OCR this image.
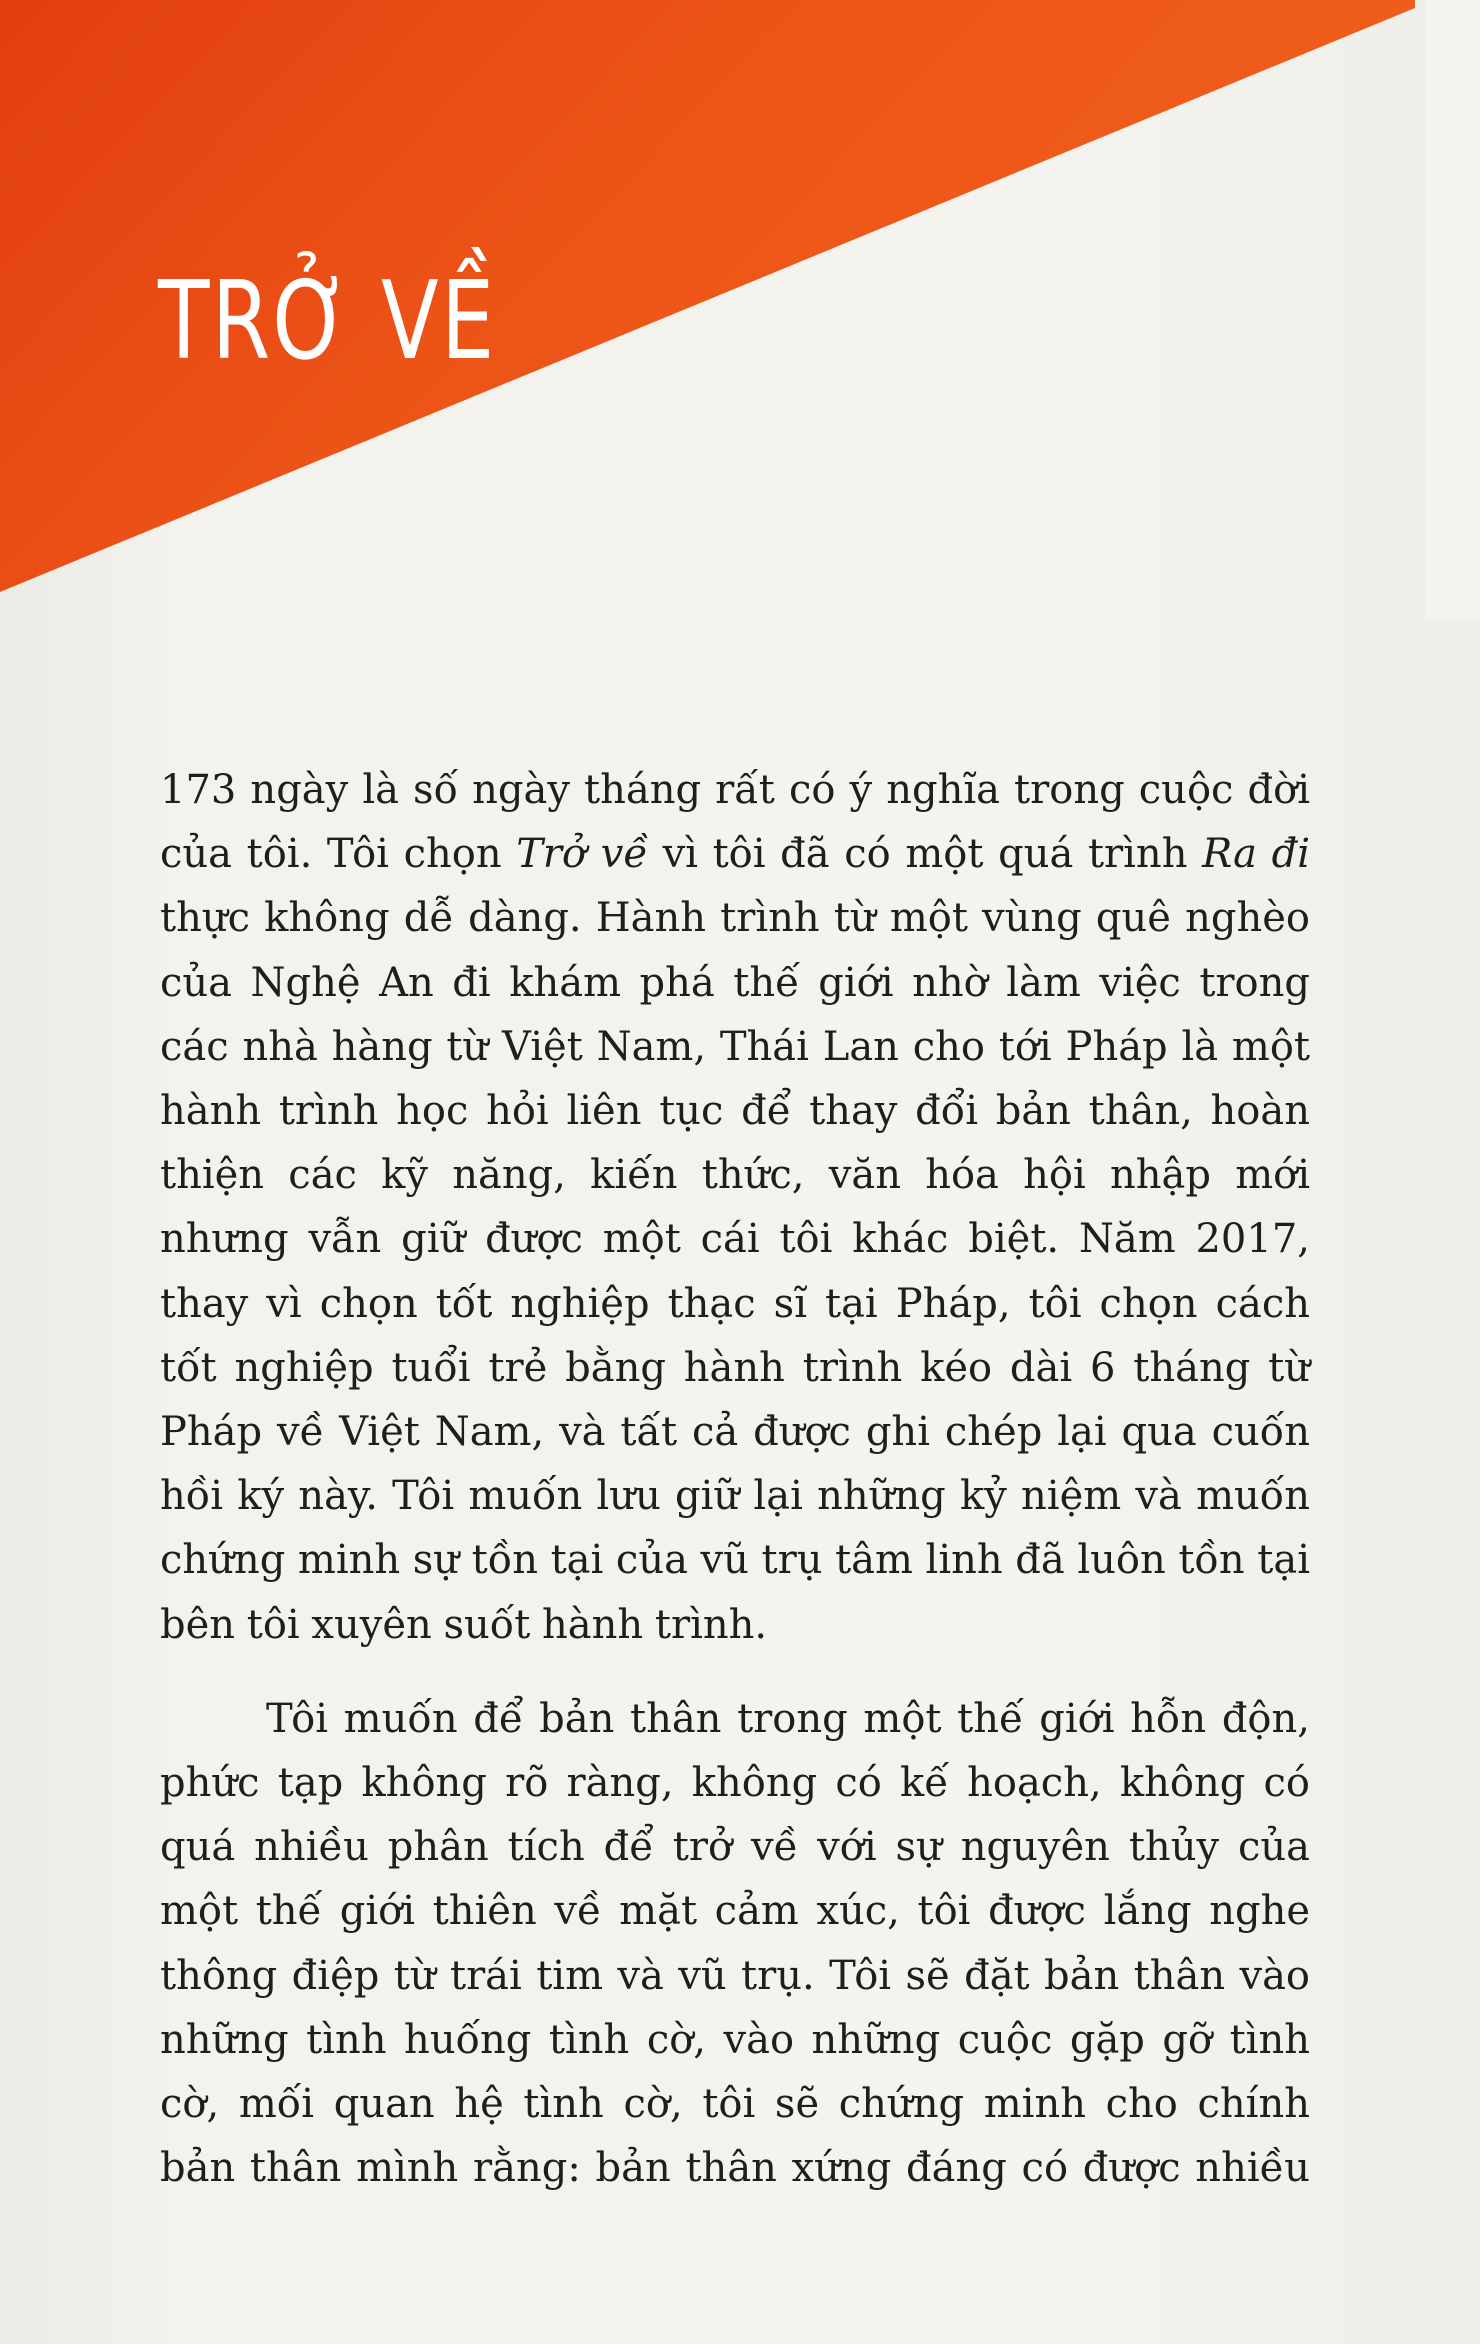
TRỞ VỀ

173 ngày là số ngày tháng rất có ý nghĩa trong cuộc đời

của tôi. Tôi chọn Trở về vì tôi đã có một quá trình Ra đi

thực không dễ dàng. Hành trình từ một vùng quê nghèo

của Nghệ An đi khám phá thế giới nhờ làm việc trong

các nhà hàng từ Việt Nam, Thái Lan cho tới Pháp là một

hành trình học hỏi liên tục để thay đổi bản thân, hoàn

thiện các kỹ năng, kiến thức, văn hóa hội nhập mới

nhưng vẫn giữ được một cái tôi khác biệt. Năm 2017,

thay vì chọn tốt nghiệp thạc sĩ tại Pháp, tôi chọn cách

tốt nghiệp tuổi trẻ bằng hành trình kéo dài 6 tháng từ

Pháp về Việt Nam, và tất cả được ghi chép lại qua cuốn

hồi ký này. Tôi muốn lưu giữ lại những kỷ niệm và muốn

chứng minh sự tồn tại của vũ trụ tâm linh đã luôn tồn tại

bên tôi xuyên suốt hành trình.

Tôi muốn để bản thân trong một thế giới hỗn độn,

phức tạp không rõ ràng, không có kế hoạch, không có

quá nhiều phân tích để trở về với sự nguyên thủy của

một thế giới thiên về mặt cảm xúc, tôi được lắng nghe

thông điệp từ trái tim và vũ trụ. Tôi sẽ đặt bản thân vào

những tình huống tình cờ, vào những cuộc gặp gỡ tình

cờ, mối quan hệ tình cờ, tôi sẽ chứng minh cho chính

bản thân mình rằng: bản thân xứng đáng có được nhiều
